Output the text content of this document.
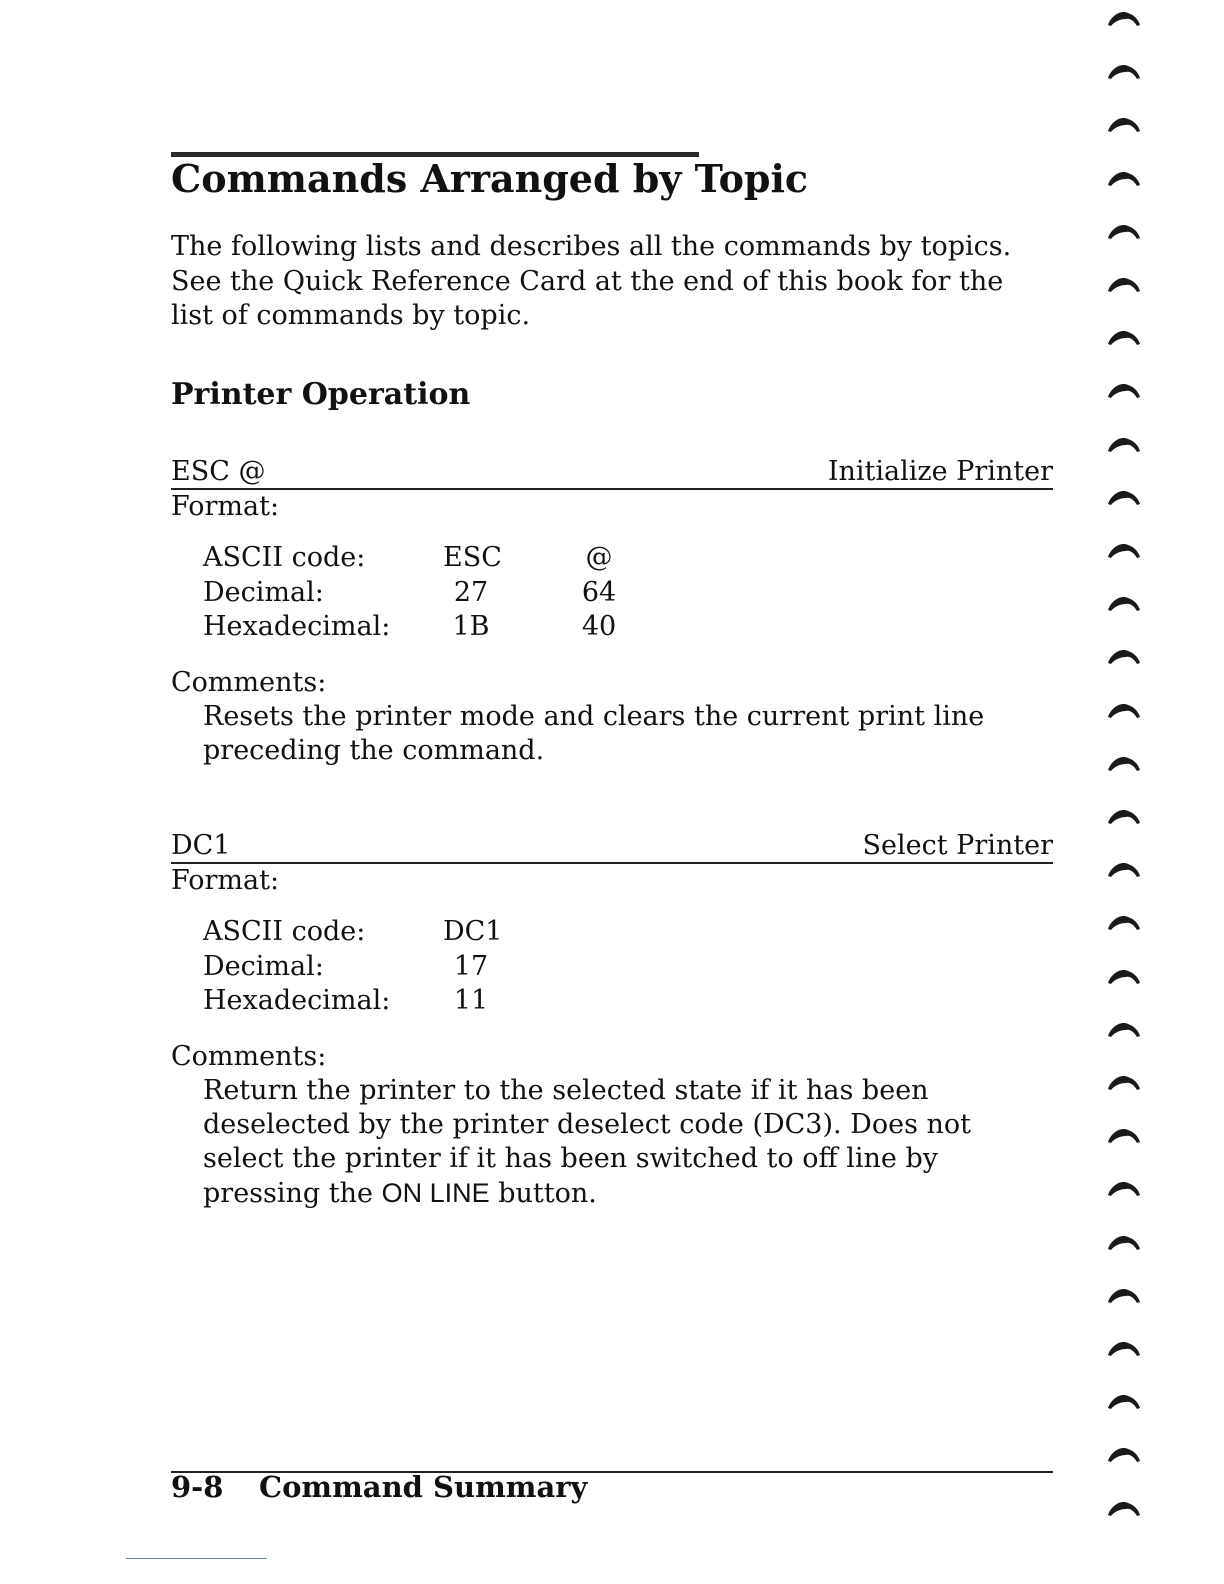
Commands Arranged by Topic
The following lists and describes all the commands by topics. See the Quick Reference Card at the end of this book for the list of commands by topic.
Printer Operation
ESC @	Initialize Printer
Format:
ASCII code:	ESC	@
Decimal:	27	64
Hexadecimal:	1B	40
Comments:
Resets the printer mode and clears the current print line preceding the command.
DC1	Select Printer
Format:
ASCII code:	DC1
Decimal:	17
Hexadecimal:	11
Comments:
Return the printer to the selected state if it has been deselected by the printer deselect code (DC3). Does not select the printer if it has been switched to off line by pressing the ON LINE button.
9-8 Command Summary
